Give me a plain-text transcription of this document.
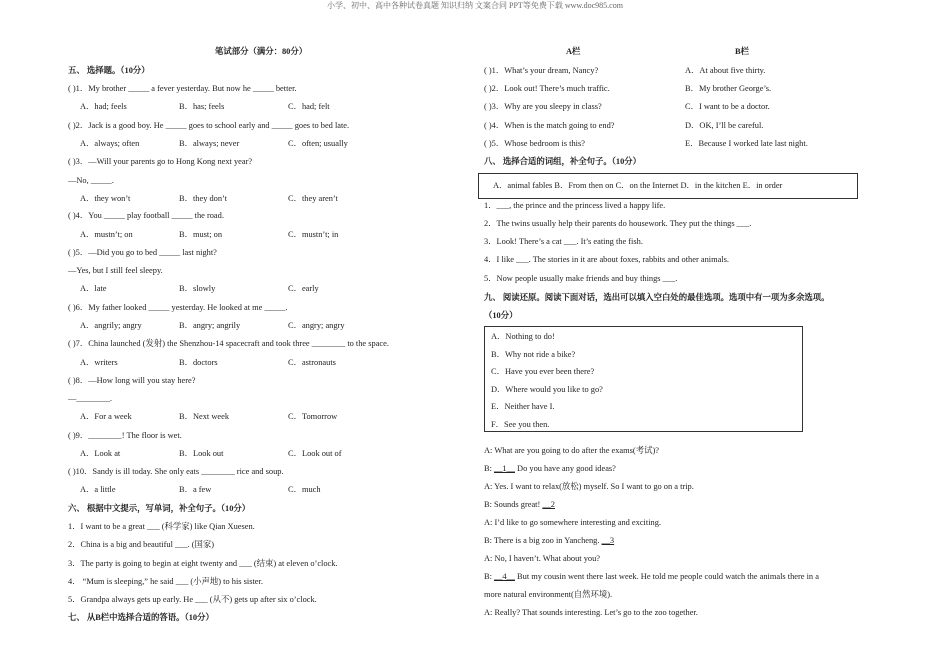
小学、初中、高中各种试卷真题 知识归纳 文案合同 PPT等免费下载 www.doc985.com
笔试部分（满分：80分）
五、 选择题。（10分）
( )1．My brother _____ a fever yesterday. But now he _____ better.
A．had; feels	B．has; feels	C．had; felt
( )2．Jack is a good boy. He _____ goes to school early and _____ goes to bed late.
A．always; often	B．always; never	C．often; usually
( )3．—Will your parents go to Hong Kong next year?
—No, _____.
A．they won’t	B．they don’t	C．they aren’t
( )4．You _____ play football _____ the road.
A．mustn’t; on	B．must; on	C．mustn’t; in
( )5．—Did you go to bed _____ last night?
—Yes, but I still feel sleepy.
A．late	B．slowly	C．early
( )6．My father looked _____ yesterday. He looked at me _____.
A．angrily; angry	B．angry; angrily	C．angry; angry
( )7．China launched (发射) the Shenzhou-14 spacecraft and took three ________ to the space.
A．writers	B．doctors	C．astronauts
( )8．—How long will you stay here?
—________.
A．For a week	B．Next week	C．Tomorrow
( )9．________! The floor is wet.
A．Look at	B．Look out	C．Look out of
( )10．Sandy is ill today. She only eats ________ rice and soup.
A．a little	B．a few	C．much
六、 根据中文提示，写单词，补全句子。（10分）
1．I want to be a great ___ (科学家) like Qian Xuesen.
2．China is a big and beautiful ___. (国家)
3．The party is going to begin at eight twenty and ___ (结束) at eleven o’clock.
4． “Mum is sleeping,” he said ___ (小声地) to his sister.
5．Grandpa always gets up early. He ___ (从不) gets up after six o’clock.
七、 从B栏中选择合适的答语。（10分）
A栏	B栏
( )1．What’s your dream, Nancy?	A．At about five thirty.
( )2．Look out! There’s much traffic.	B．My brother George’s.
( )3．Why are you sleepy in class?	C．I want to be a doctor.
( )4．When is the match going to end?	D．OK, I’ll be careful.
( )5．Whose bedroom is this?	E．Because I worked late last night.
八、 选择合适的词组，补全句子。（10分）
A．animal fables B．From then on C．on the Internet D．in the kitchen E．in order
1．___, the prince and the princess lived a happy life.
2．The twins usually help their parents do housework. They put the things ___.
3．Look! There’s a cat ___. It’s eating the fish.
4．I like ___. The stories in it are about foxes, rabbits and other animals.
5．Now people usually make friends and buy things ___.
九、 阅读还原。阅读下面对话，选出可以填入空白处的最佳选项。选项中有一项为多余选项。
（10分）
A．Nothing to do!
B．Why not ride a bike?
C．Have you ever been there?
D．Where would you like to go?
E．Neither have I.
F．See you then.
A: What are you going to do after the exams(考试)?
B: __1__ Do you have any good ideas?
A: Yes. I want to relax(放松) myself. So I want to go on a trip.
B: Sounds great! __2
A: I’d like to go somewhere interesting and exciting.
B: There is a big zoo in Yancheng. __3
A: No, I haven’t. What about you?
B: __4__ But my cousin went there last week. He told me people could watch the animals there in a
more natural environment(自然环境).
A: Really? That sounds interesting. Let’s go to the zoo together.
